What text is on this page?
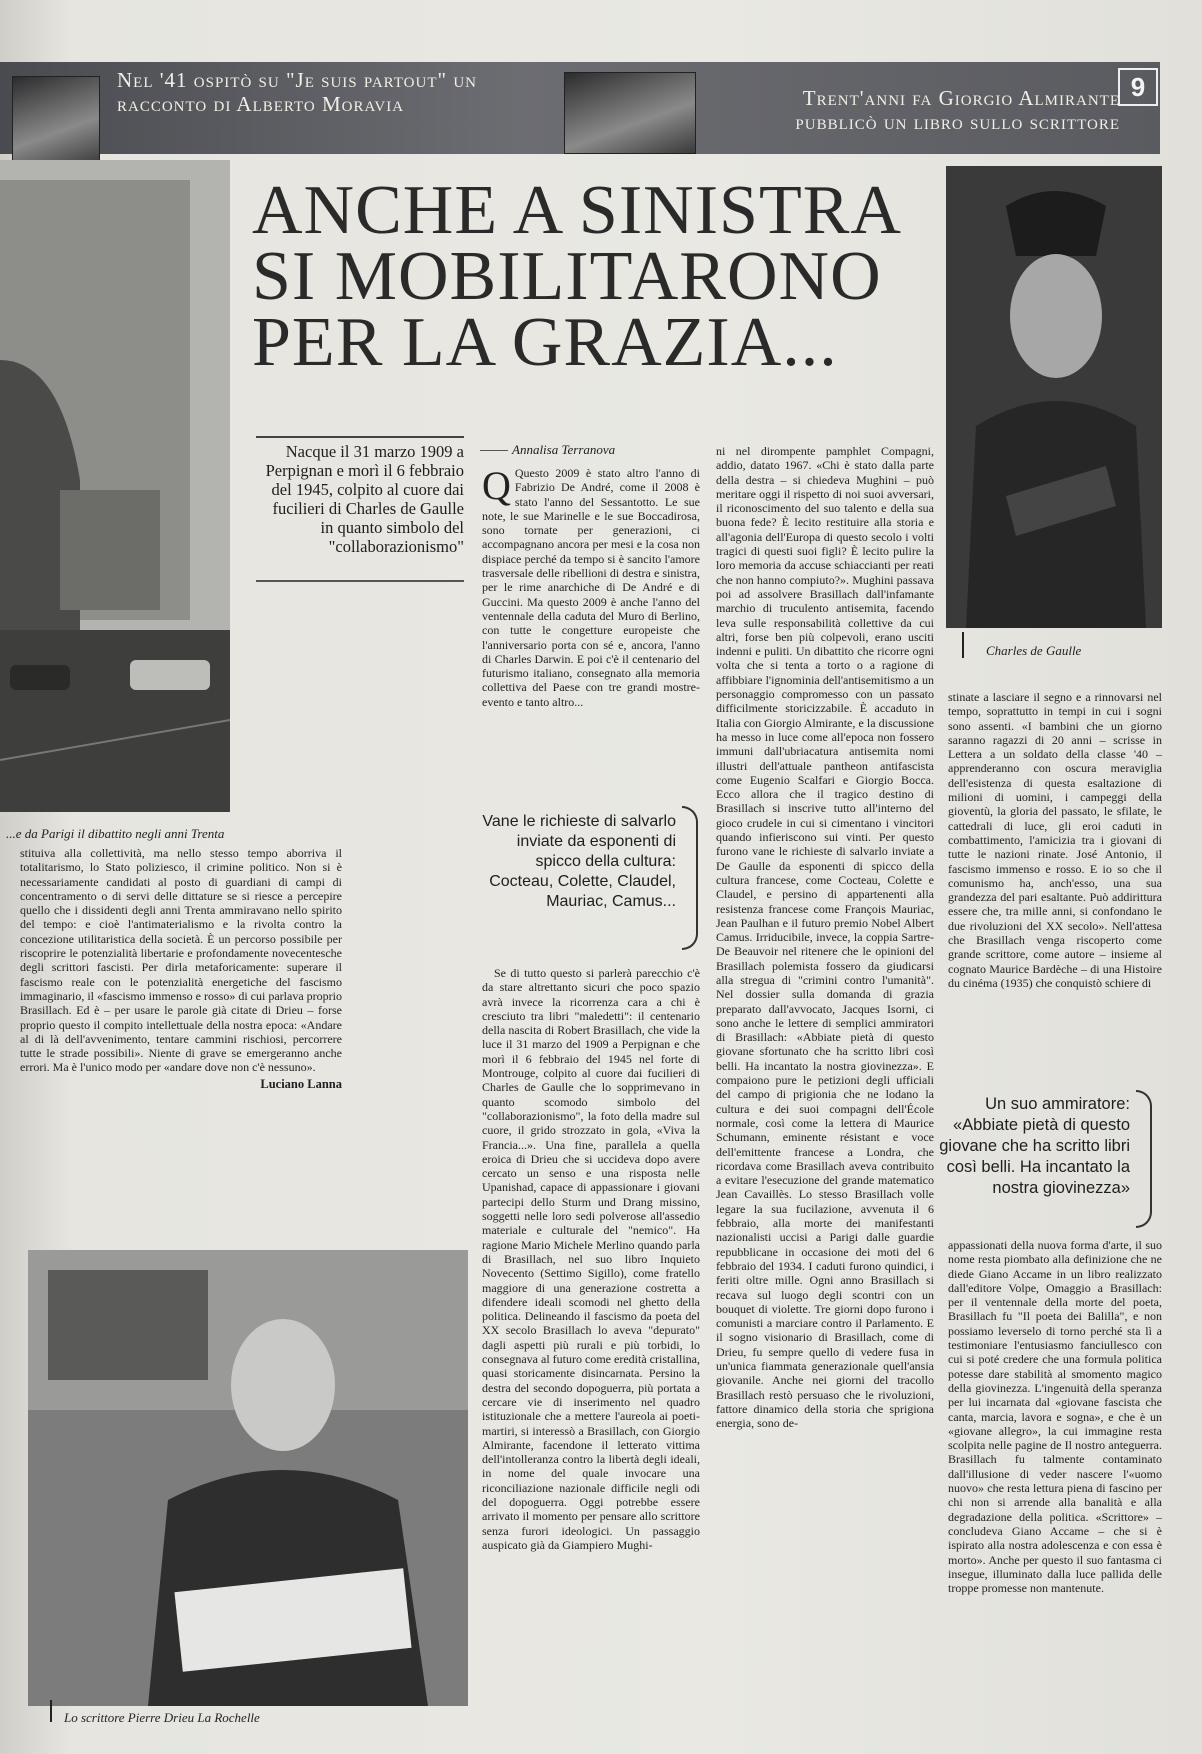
Nel '41 ospitò su "Je suis partout" un racconto di Alberto Moravia	Trent'anni fa Giorgio Almirante pubblicò un libro sullo scrittore
9
...e da Parigi il dibattito negli anni Trenta
ANCHE A SINISTRA
SI MOBILITARONO
PER LA GRAZIA...
Charles de Gaulle
Nacque il 31 marzo 1909 a Perpignan e morì il 6 febbraio del 1945, colpito al cuore dai fucilieri di Charles de Gaulle in quanto simbolo del "collaborazionismo"
Annalisa Terranova

Q Questo 2009 è stato altro l'anno di Fabrizio De André, come il 2008 è stato l'anno del Sessantotto. Le sue note, le sue Marinelle e le sue Boccadirosa, sono tornate per generazioni, ci accompagnano ancora per mesi e la cosa non dispiace perché da tempo si è sancito l'amore trasversale delle ribellioni di destra e sinistra, per le rime anarchiche di De André e di Guccini. Ma questo 2009 è anche l'anno del ventennale della caduta del Muro di Berlino, con tutte le congetture europeiste che l'anniversario porta con sé e, ancora, l'anno di Charles Darwin. E poi c'è il centenario del futurismo italiano, consegnato alla memoria collettiva del Paese con tre grandi mostre-evento e tanto altro...

Vane le richieste di salvarlo inviate da esponenti di spicco della cultura: Cocteau, Colette, Claudel, Mauriac, Camus...

Se di tutto questo si parlerà parecchio c'è da stare altrettanto sicuri che poco spazio avrà invece la ricorrenza cara a chi è cresciuto tra libri "maledetti": il centenario della nascita di Robert Brasillach, che vide la luce il 31 marzo del 1909 a Perpignan e che morì il 6 febbraio del 1945 nel forte di Montrouge, colpito al cuore dai fucilieri di Charles de Gaulle che lo sopprimevano in quanto scomodo simbolo del "collaborazionismo", la foto della madre sul cuore, il grido strozzato in gola, «Viva la Francia...». Una fine, parallela a quella eroica di Drieu che si uccideva dopo avere cercato un senso e una risposta nelle Upanishad, capace di appassionare i giovani partecipi dello Sturm und Drang missino, soggetti nelle loro sedi polverose all'assedio materiale e culturale del "nemico". Ha ragione Mario Michele Merlino quando parla di Brasillach, nel suo libro Inquieto Novecento (Settimo Sigillo), come fratello maggiore di una generazione costretta a difendere ideali scomodi nel ghetto della politica. Delineando il fascismo da poeta del XX secolo Brasillach lo aveva "depurato" dagli aspetti più rurali e più torbidi, lo consegnava al futuro come eredità cristallina, quasi storicamente disincarnata. Persino la destra del secondo dopoguerra, più portata a cercare vie di inserimento nel quadro istituzionale che a mettere l'aureola ai poeti-martiri, si interessò a Brasillach, con Giorgio Almirante, facendone il letterato vittima dell'intolleranza contro la libertà degli ideali, in nome del quale invocare una riconciliazione nazionale difficile negli odi del dopoguerra. Oggi potrebbe essere arrivato il momento per pensare allo scrittore senza furori ideologici. Un passaggio auspicato già da Giampiero Mughi-

ni nel dirompente pamphlet Compagni, addio, datato 1967. «Chi è stato dalla parte della destra – si chiedeva Mughini – può meritare oggi il rispetto di noi suoi avversari, il riconoscimento del suo talento e della sua buona fede? È lecito restituire alla storia e all'agonia dell'Europa di questo secolo i volti tragici di questi suoi figli? È lecito pulire la loro memoria da accuse schiaccianti per reati che non hanno compiuto?». Mughini passava poi ad assolvere Brasillach dall'infamante marchio di truculento antisemita, facendo leva sulle responsabilità collettive da cui altri, forse ben più colpevoli, erano usciti indenni e puliti. Un dibattito che ricorre ogni volta che si tenta a torto o a ragione di affibbiare l'ignominia dell'antisemitismo a un personaggio compromesso con un passato difficilmente storicizzabile. È accaduto in Italia con Giorgio Almirante, e la discussione ha messo in luce come all'epoca non fossero immuni dall'ubriacatura antisemita nomi illustri dell'attuale pantheon antifascista come Eugenio Scalfari e Giorgio Bocca. Ecco allora che il tragico destino di Brasillach si inscrive tutto all'interno del gioco crudele in cui si cimentano i vincitori quando infieriscono sui vinti. Per questo furono vane le richieste di salvarlo inviate a De Gaulle da esponenti di spicco della cultura francese, come Cocteau, Colette e Claudel, e persino di appartenenti alla resistenza francese come François Mauriac, Jean Paulhan e il futuro premio Nobel Albert Camus. Irriducibile, invece, la coppia Sartre-De Beauvoir nel ritenere che le opinioni del Brasillach polemista fossero da giudicarsi alla stregua di "crimini contro l'umanità". Nel dossier sulla domanda di grazia preparato dall'avvocato, Jacques Isorni, ci sono anche le lettere di semplici ammiratori di Brasillach: «Abbiate pietà di questo giovane sfortunato che ha scritto libri così belli. Ha incantato la nostra giovinezza». E compaiono pure le petizioni degli ufficiali del campo di prigionia che ne lodano la cultura e dei suoi compagni dell'École normale, così come la lettera di Maurice Schumann, eminente résistant e voce dell'emittente francese a Londra, che ricordava come Brasillach aveva contribuito a evitare l'esecuzione del grande matematico Jean Cavaillès. Lo stesso Brasillach volle legare la sua fucilazione, avvenuta il 6 febbraio, alla morte dei manifestanti nazionalisti uccisi a Parigi dalle guardie repubblicane in occasione dei moti del 6 febbraio del 1934. I caduti furono quindici, i feriti oltre mille. Ogni anno Brasillach si recava sul luogo degli scontri con un bouquet di violette. Tre giorni dopo furono i comunisti a marciare contro il Parlamento. E il sogno visionario di Brasillach, come di Drieu, fu sempre quello di vedere fusa in un'unica fiammata generazionale quell'ansia giovanile. Anche nei giorni del tracollo Brasillach restò persuaso che le rivoluzioni, fattore dinamico della storia che sprigiona energia, sono de-

stinate a lasciare il segno e a rinnovarsi nel tempo, soprattutto in tempi in cui i sogni sono assenti. «I bambini che un giorno saranno ragazzi di 20 anni – scrisse in Lettera a un soldato della classe '40 – apprenderanno con oscura meraviglia dell'esistenza di questa esaltazione di milioni di uomini, i campeggi della gioventù, la gloria del passato, le sfilate, le cattedrali di luce, gli eroi caduti in combattimento, l'amicizia tra i giovani di tutte le nazioni rinate. José Antonio, il fascismo immenso e rosso. E io so che il comunismo ha, anch'esso, una sua grandezza del pari esaltante. Può addirittura essere che, tra mille anni, si confondano le due rivoluzioni del XX secolo». Nell'attesa che Brasillach venga riscoperto come grande scrittore, come autore – insieme al cognato Maurice Bardèche – di una Histoire du cinéma (1935) che conquistò schiere di

Un suo ammiratore: «Abbiate pietà di questo giovane che ha scritto libri così belli. Ha incantato la nostra giovinezza»

appassionati della nuova forma d'arte, il suo nome resta piombato alla definizione che ne diede Giano Accame in un libro realizzato dall'editore Volpe, Omaggio a Brasillach: per il ventennale della morte del poeta, Brasillach fu "Il poeta dei Balilla", e non possiamo leverselo di torno perché sta lì a testimoniare l'entusiasmo fanciullesco con cui si poté credere che una formula politica potesse dare stabilità al smomento magico della giovinezza. L'ingenuità della speranza per lui incarnata dal «giovane fascista che canta, marcia, lavora e sogna», e che è un «giovane allegro», la cui immagine resta scolpita nelle pagine de Il nostro anteguerra. Brasillach fu talmente contaminato dall'illusione di veder nascere l'«uomo nuovo» che resta lettura piena di fascino per chi non si arrende alla banalità e alla degradazione della politica. «Scrittore» – concludeva Giano Accame – che si è ispirato alla nostra adolescenza e con essa è morto». Anche per questo il suo fantasma ci insegue, illuminato dalla luce pallida delle troppe promesse non mantenute.

stituiva alla collettività, ma nello stesso tempo aborriva il totalitarismo, lo Stato poliziesco, il crimine politico. Non si è necessariamente candidati al posto di guardiani di campi di concentramento o di servi delle dittature se si riesce a percepire quello che i dissidenti degli anni Trenta ammiravano nello spirito del tempo: e cioè l'antimaterialismo e la rivolta contro la concezione utilitaristica della società. È un percorso possibile per riscoprire le potenzialità libertarie e profondamente novecentesche degli scrittori fascisti. Per dirla metaforicamente: superare il fascismo reale con le potenzialità energetiche del fascismo immaginario, il «fascismo immenso e rosso» di cui parlava proprio Brasillach. Ed è – per usare le parole già citate di Drieu – forse proprio questo il compito intellettuale della nostra epoca: «Andare al di là dell'avvenimento, tentare cammini rischiosi, percorrere tutte le strade possibili». Niente di grave se emergeranno anche errori. Ma è l'unico modo per «andare dove non c'è nessuno».

Luciano Lanna
Lo scrittore Pierre Drieu La Rochelle
